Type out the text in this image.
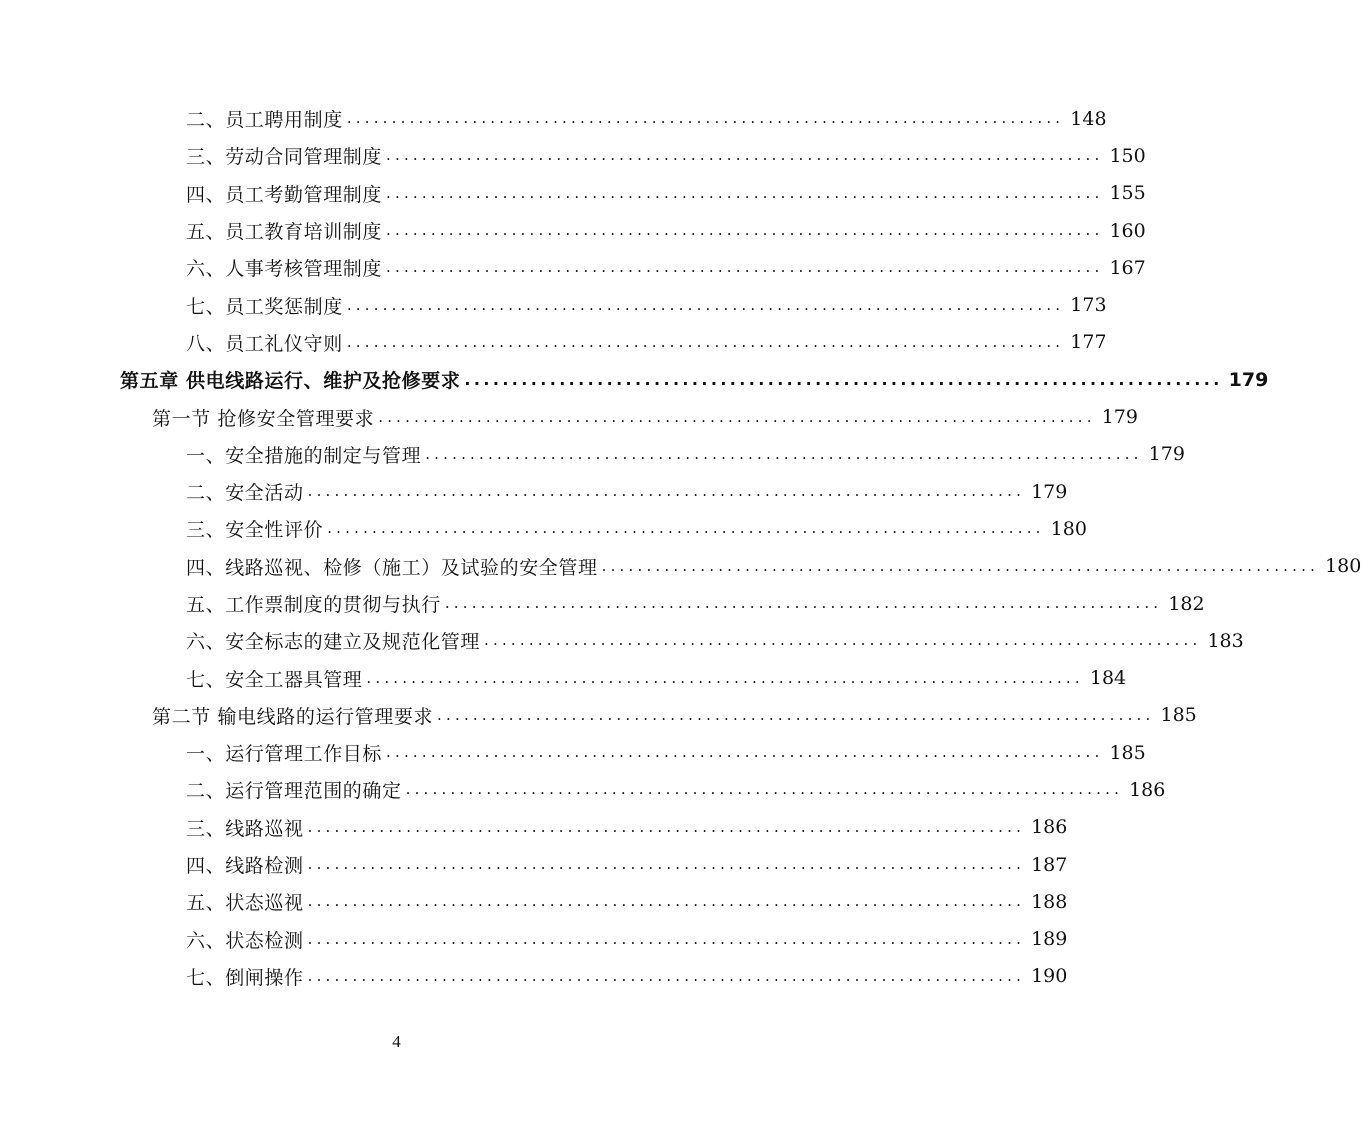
二、员工聘用制度 ................................................................................ 148
三、劳动合同管理制度 ................................................................................ 150
四、员工考勤管理制度 ................................................................................ 155
五、员工教育培训制度 ................................................................................ 160
六、人事考核管理制度 ................................................................................ 167
七、员工奖惩制度 ................................................................................ 173
八、员工礼仪守则 ................................................................................ 177
第五章 供电线路运行、维护及抢修要求 ................................................................................ 179
第一节 抢修安全管理要求 ................................................................................ 179
一、安全措施的制定与管理 ................................................................................ 179
二、安全活动 ................................................................................ 179
三、安全性评价 ................................................................................ 180
四、线路巡视、检修（施工）及试验的安全管理 ................................................................................ 180
五、工作票制度的贯彻与执行 ................................................................................ 182
六、安全标志的建立及规范化管理 ................................................................................ 183
七、安全工器具管理 ................................................................................ 184
第二节 输电线路的运行管理要求 ................................................................................ 185
一、运行管理工作目标 ................................................................................ 185
二、运行管理范围的确定 ................................................................................ 186
三、线路巡视 ................................................................................ 186
四、线路检测 ................................................................................ 187
五、状态巡视 ................................................................................ 188
六、状态检测 ................................................................................ 189
七、倒闸操作 ................................................................................ 190
4
